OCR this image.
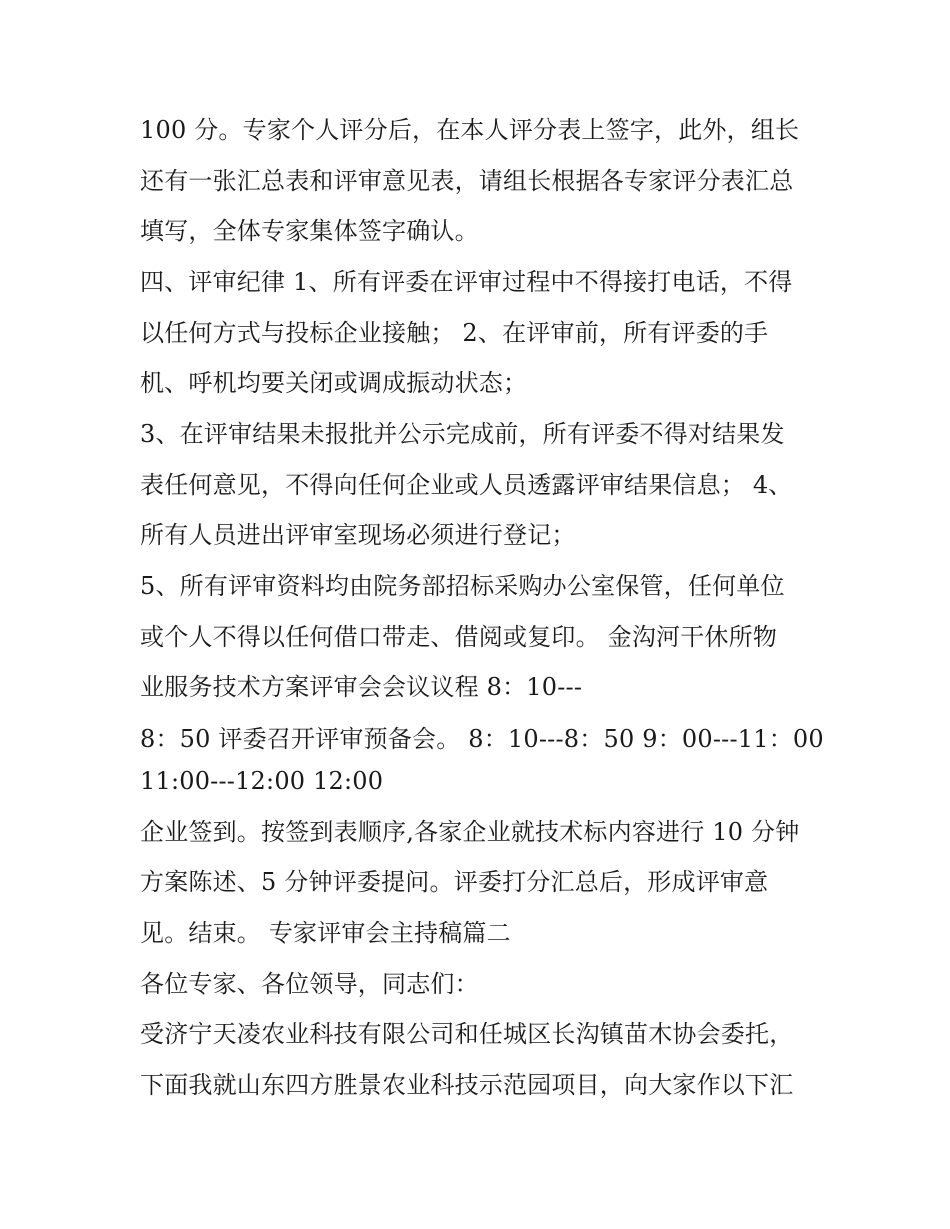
100 分。专家个人评分后，在本人评分表上签字，此外，组长
还有一张汇总表和评审意见表，请组长根据各专家评分表汇总
填写，全体专家集体签字确认。
四、评审纪律 1、所有评委在评审过程中不得接打电话，不得
以任何方式与投标企业接触； 2、在评审前，所有评委的手
机、呼机均要关闭或调成振动状态；
3、在评审结果未报批并公示完成前，所有评委不得对结果发
表任何意见，不得向任何企业或人员透露评审结果信息； 4、
所有人员进出评审室现场必须进行登记；
5、所有评审资料均由院务部招标采购办公室保管，任何单位
或个人不得以任何借口带走、借阅或复印。 金沟河干休所物
业服务技术方案评审会会议议程 8：10---
8：50 评委召开评审预备会。 8：10---8：50 9：00---11：00
11:00---12:00 12:00
企业签到。按签到表顺序,各家企业就技术标内容进行 10 分钟
方案陈述、5 分钟评委提问。评委打分汇总后，形成评审意
见。结束。 专家评审会主持稿篇二
各位专家、各位领导，同志们：
受济宁天凌农业科技有限公司和任城区长沟镇苗木协会委托，
下面我就山东四方胜景农业科技示范园项目，向大家作以下汇
